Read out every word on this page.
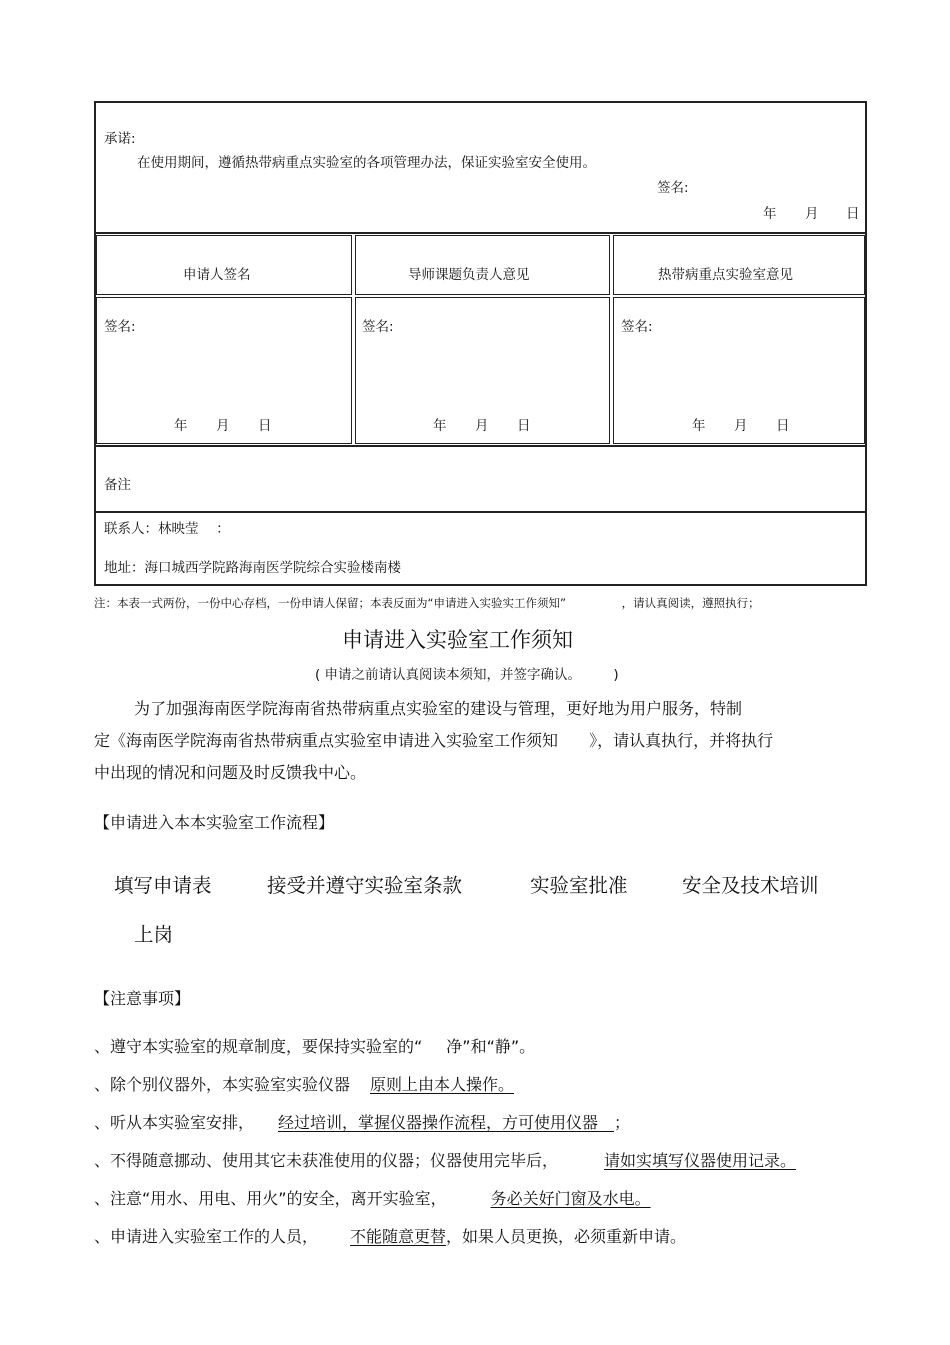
承诺:
在使用期间，遵循热带病重点实验室的各项管理办法，保证实验室安全使用。
签名:
年 月 日
申请人签名	导师课题负责人意见	热带病重点实验室意见
签名:	签名:	签名:
年 月 日	年 月 日	年 月 日
备注
联系人：林映莹　 ：
地址：海口城西学院路海南医学院综合实验楼南楼
注：本表一式两份，一份中心存档，一份申请人保留；本表反面为“申请进入实验实工作须知”	，请认真阅读，遵照执行；
申请进入实验室工作须知
( 申请之前请认真阅读本须知，并签字确认。 )
为了加强海南医学院海南省热带病重点实验室的建设与管理，更好地为用户服务，特制
定《海南医学院海南省热带病重点实验室申请进入实验室工作须知 》，请认真执行，并将执行
中出现的情况和问题及时反馈我中心。
【申请进入本本实验室工作流程】
填写申请表	接受并遵守实验室条款	实验室批准	安全及技术培训
上岗
【注意事项】
、遵守本实验室的规章制度，要保持实验室的“ 净”和“静”。
、除个别仪器外，本实验室实验仪器 原则上由本人操作。
、听从本实验室安排， 经过培训，掌握仪器操作流程，方可使用仪器　；
、不得随意挪动、使用其它未获准使用的仪器；仪器使用完毕后，	请如实填写仪器使用记录。
、注意“用水、用电、用火”的安全，离开实验室，	务必关好门窗及水电。
、申请进入实验室工作的人员， 不能随意更替，如果人员更换，必须重新申请。
